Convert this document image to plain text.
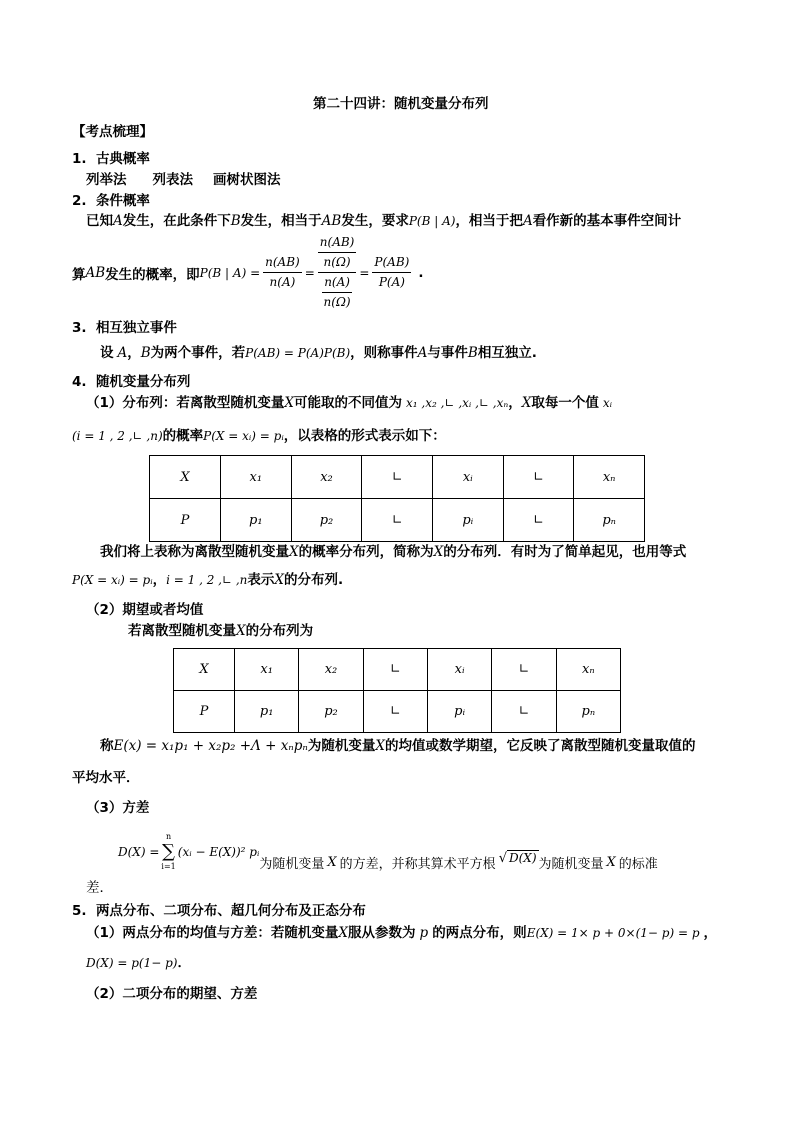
第二十四讲：随机变量分布列
【考点梳理】
1. 古典概率
列举法 列表法 画树状图法
2. 条件概率
已知A发生，在此条件下B发生，相当于AB发生，要求P(B | A)，相当于把A看作新的基本事件空间计
算 AB 发生的概率，即 P(B | $A) = \frac{n(AB)}{n(A)} = \frac{\frac{n(AB)}{n(\Omega)}}{\frac{n(A)}{n(\Omega)}} = \frac{P(AB)}{P(A)}$ .
3. 相互独立事件
设 A，B为两个事件，若P(AB) = P(A)P(B)，则称事件A与事件B相互独立.
4. 随机变量分布列
（1）分布列：若离散型随机变量X可能取的不同值为 x₁ ,x₂ ,∟ ,xᵢ ,∟ ,xₙ，X取每一个值 xᵢ
(i = 1 , 2 ,∟ ,n)的概率P(X = xᵢ) = pᵢ，以表格的形式表示如下：
X	x₁	x₂	∟	xᵢ	∟	xₙ
P	p₁	p₂	∟	pᵢ	∟	pₙ
我们将上表称为离散型随机变量X的概率分布列，简称为X的分布列．有时为了简单起见，也用等式
P(X = xᵢ) = pᵢ，i = 1 , 2 ,∟ ,n表示X的分布列.
（2）期望或者均值
若离散型随机变量X的分布列为
X	x₁	x₂	∟	xᵢ	∟	xₙ
P	p₁	p₂	∟	pᵢ	∟	pₙ
称E(x) = x₁p₁ + x₂p₂ +Λ + xₙpₙ为随机变量X的均值或数学期望，它反映了离散型随机变量取值的
平均水平．
（3）方差
D(X) =
n
∑
i=1
(xᵢ − E(X))² pᵢ
为随机变量 X 的方差，并称其算术平方根 √ D(X) 为随机变量 X 的标准
差．
5. 两点分布、二项分布、超几何分布及正态分布
（1）两点分布的均值与方差：若随机变量X服从参数为 p 的两点分布，则E(X) = 1× p + 0×(1− p) = p ，
D(X) = p(1− p)．
（2）二项分布的期望、方差
